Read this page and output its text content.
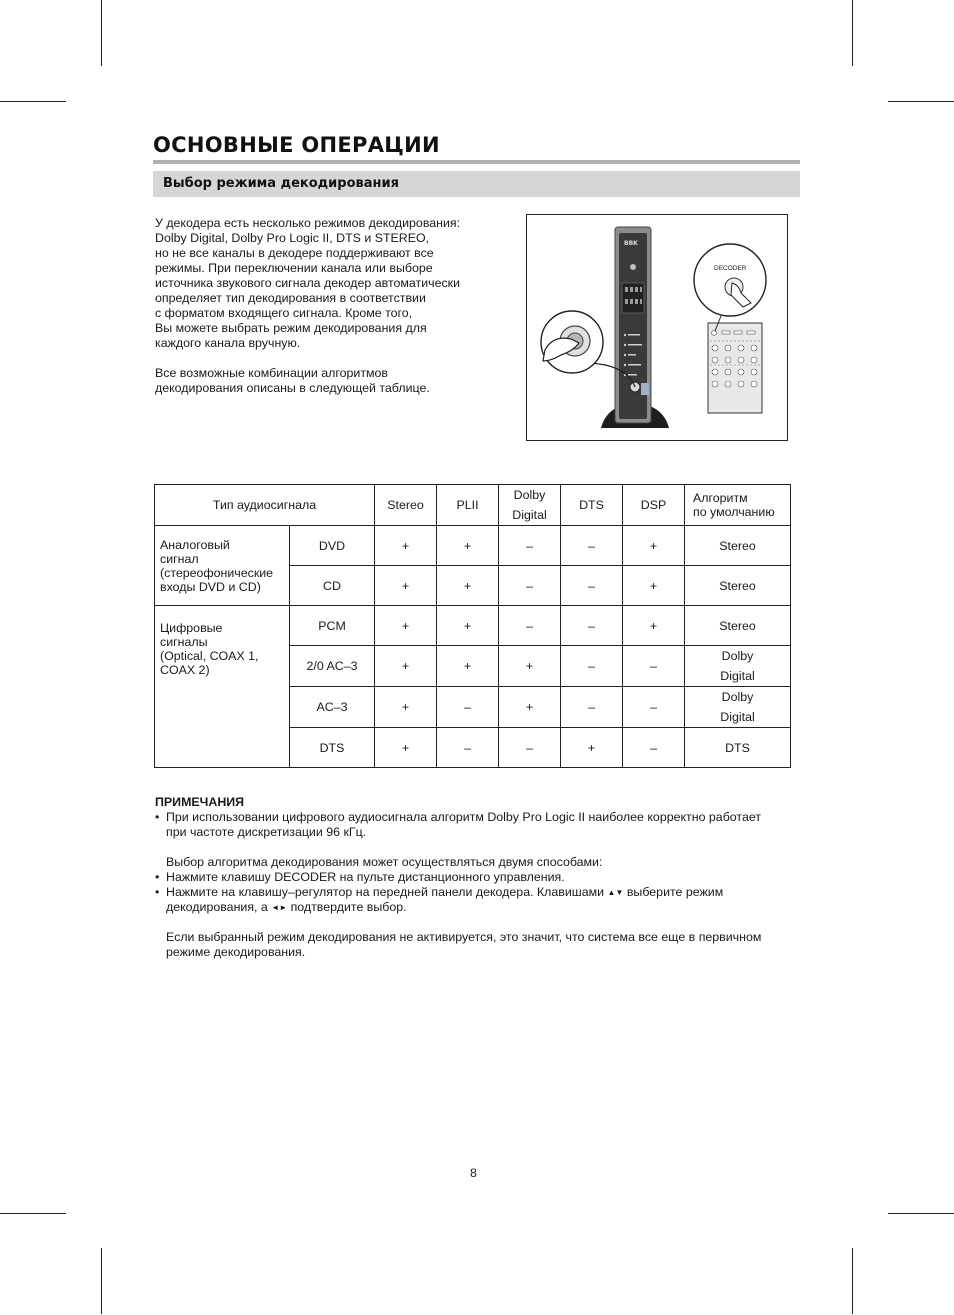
ОСНОВНЫЕ ОПЕРАЦИИ
Выбор режима декодирования

У декодера есть несколько режимов декодирования:
Dolby Digital, Dolby Pro Logic II, DTS и STEREO,
но не все каналы в декодере поддерживают все
режимы. При переключении канала или выборе
источника звукового сигнала декодер автоматически
определяет тип декодирования в соответствии
с форматом входящего сигнала. Кроме того,
Вы можете выбрать режим декодирования для
каждого канала вручную.

Все возможные комбинации алгоритмов
декодирования описаны в следующей таблице.

BBK
DECODER
Тип аудиосигнала		Stereo	PLII	Dolby
Digital	DTS	DSP	Алгоритм
по умолчанию
Аналоговый
сигнал
(стереофонические
входы DVD и CD)	DVD	+	+	–	–	+	Stereo
	CD	+	+	–	–	+	Stereo
Цифровые
сигналы
(Optical, COAX 1,
COAX 2)	PCM	+	+	–	–	+	Stereo
	2/0 AC–3	+	+	+	–	–	Dolby
Digital
	AC–3	+	–	+	–	–	Dolby
Digital
	DTS	+	–	–	+	–	DTS
ПРИМЕЧАНИЯ
• При использовании цифрового аудиосигнала алгоритм Dolby Pro Logic II наиболее корректно работает
при частоте дискретизации 96 кГц.
Выбор алгоритма декодирования может осуществляться двумя способами:
• Нажмите клавишу DECODER на пульте дистанционного управления.
• Нажмите на клавишу–регулятор на передней панели декодера. Клавишами ▲▼ выберите режим
декодирования, а ◄► подтвердите выбор.
Если выбранный режим декодирования не активируется, это значит, что система все еще в первичном
режиме декодирования.
8
